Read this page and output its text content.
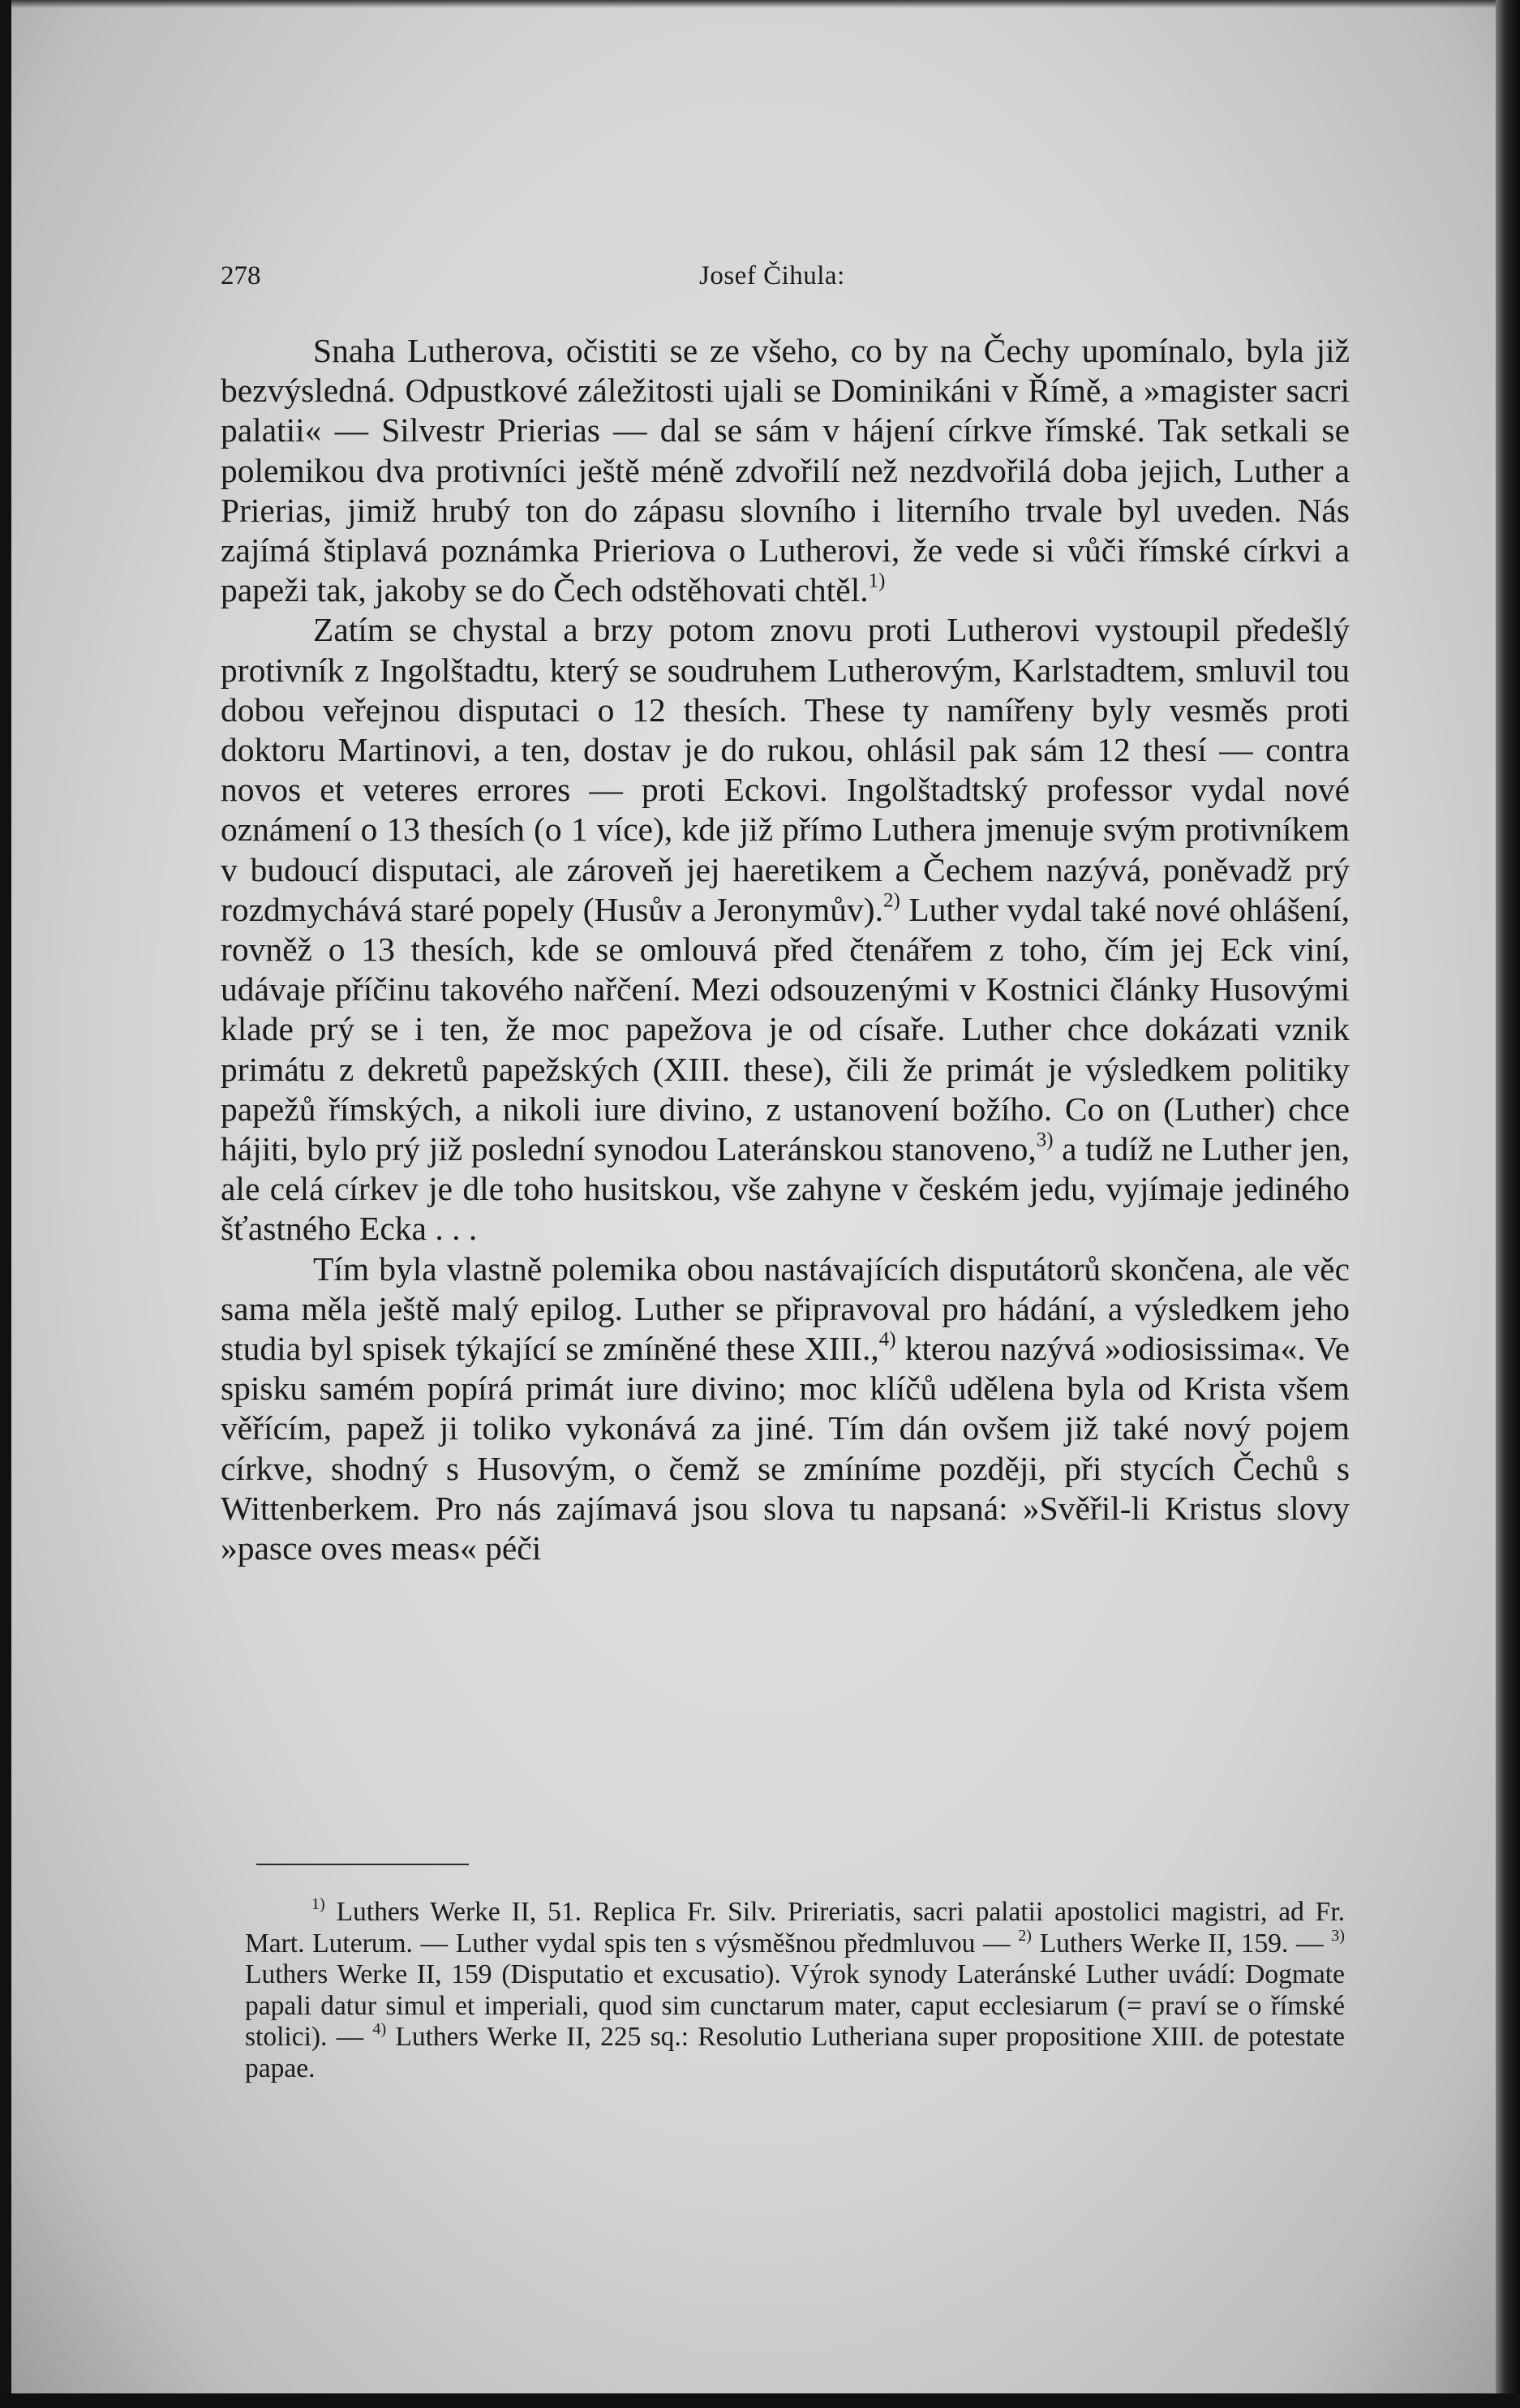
278	Josef Čihula:

Snaha Lutherova, očistiti se ze všeho, co by na Čechy upomínalo, byla již bezvýsledná. Odpustkové záležitosti ujali se Dominikáni v Římě, a »magister sacri palatii« — Silvestr Prierias — dal se sám v hájení církve římské. Tak setkali se polemikou dva protivníci ještě méně zdvořilí než nezdvořilá doba jejich, Luther a Prierias, jimiž hrubý ton do zápasu slovního i literního trvale byl uveden. Nás zajímá štiplavá poznámka Prieriova o Lutherovi, že vede si vůči římské církvi a papeži tak, jakoby se do Čech odstěhovati chtěl.$^{1)}$

Zatím se chystal a brzy potom znovu proti Lutherovi vystoupil předešlý protivník z Ingolštadtu, který se soudruhem Lutherovým, Karlstadtem, smluvil tou dobou veřejnou disputaci o 12 thesích. These ty namířeny byly vesměs proti doktoru Martinovi, a ten, dostav je do rukou, ohlásil pak sám 12 thesí — contra novos et veteres errores — proti Eckovi. Ingolštadtský professor vydal nové oznámení o 13 thesích (o 1 více), kde již přímo Luthera jmenuje svým protivníkem v budoucí disputaci, ale zároveň jej haeretikem a Čechem nazývá, poněvadž prý rozdmychává staré popely (Husův a Jeronymův).$^{2)}$ Luther vydal také nové ohlášení, rovněž o 13 thesích, kde se omlouvá před čtenářem z toho, čím jej Eck viní, udávaje příčinu takového nařčení. Mezi odsouzenými v Kostnici články Husovými klade prý se i ten, že moc papežova je od císaře. Luther chce dokázati vznik primátu z dekretů papežských (XIII. these), čili že primát je výsledkem politiky papežů římských, a nikoli iure divino, z ustanovení božího. Co on (Luther) chce hájiti, bylo prý již poslední synodou Lateránskou stanoveno,$^{3)}$ a tudíž ne Luther jen, ale celá církev je dle toho husitskou, vše zahyne v českém jedu, vyjímaje jediného šťastného Ecka . . .

Tím byla vlastně polemika obou nastávajících disputátorů skončena, ale věc sama měla ještě malý epilog. Luther se připravoval pro hádání, a výsledkem jeho studia byl spisek týkající se zmíněné these XIII.,$^{4)}$ kterou nazývá »odiosissima«. Ve spisku samém popírá primát iure divino; moc klíčů udělena byla od Krista všem věřícím, papež ji toliko vykonává za jiné. Tím dán ovšem již také nový pojem církve, shodný s Husovým, o čemž se zmíníme později, při stycích Čechů s Wittenberkem. Pro nás zajímavá jsou slova tu napsaná: »Svěřil-li Kristus slovy »pasce oves meas« péči

$^{1)}$ Luthers Werke II, 51. Replica Fr. Silv. Prireriatis, sacri palatii apostolici magistri, ad Fr. Mart. Luterum. — Luther vydal spis ten s výsměšnou předmluvou — $^{2)}$ Luthers Werke II, 159. — $^{3)}$ Luthers Werke II, 159 (Disputatio et excusatio). Výrok synody Lateránské Luther uvádí: Dogmate papali datur simul et imperiali, quod sim cunctarum mater, caput ecclesiarum (= praví se o římské stolici). — $^{4)}$ Luthers Werke II, 225 sq.: Resolutio Lutheriana super propositione XIII. de potestate papae.
